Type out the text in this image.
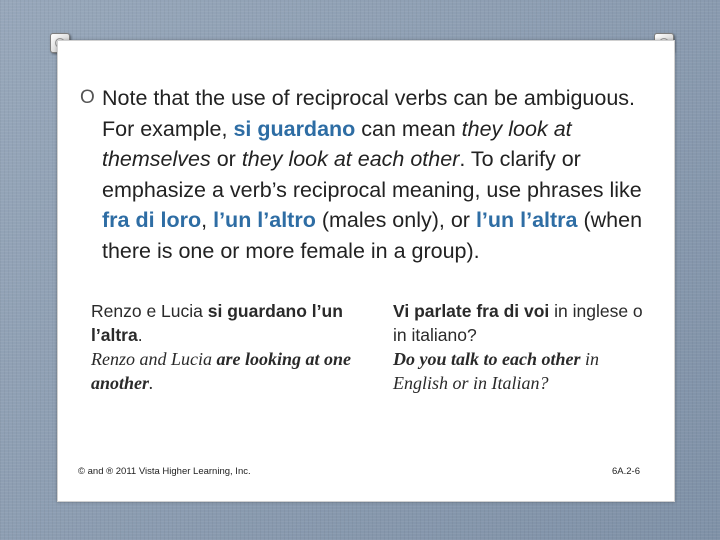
O Note that the use of reciprocal verbs can be ambiguous. For example, si guardano can mean they look at themselves or they look at each other. To clarify or emphasize a verb’s reciprocal meaning, use phrases like fra di loro, l’un l’altro (males only), or l’un l’altra (when there is one or more female in a group).
Renzo e Lucia si guardano l’un l’altra.
Renzo and Lucia are looking at one another.
Vi parlate fra di voi in inglese o in italiano?
Do you talk to each other in English or in Italian?
© and ® 2011 Vista Higher Learning, Inc.	6A.2-6
